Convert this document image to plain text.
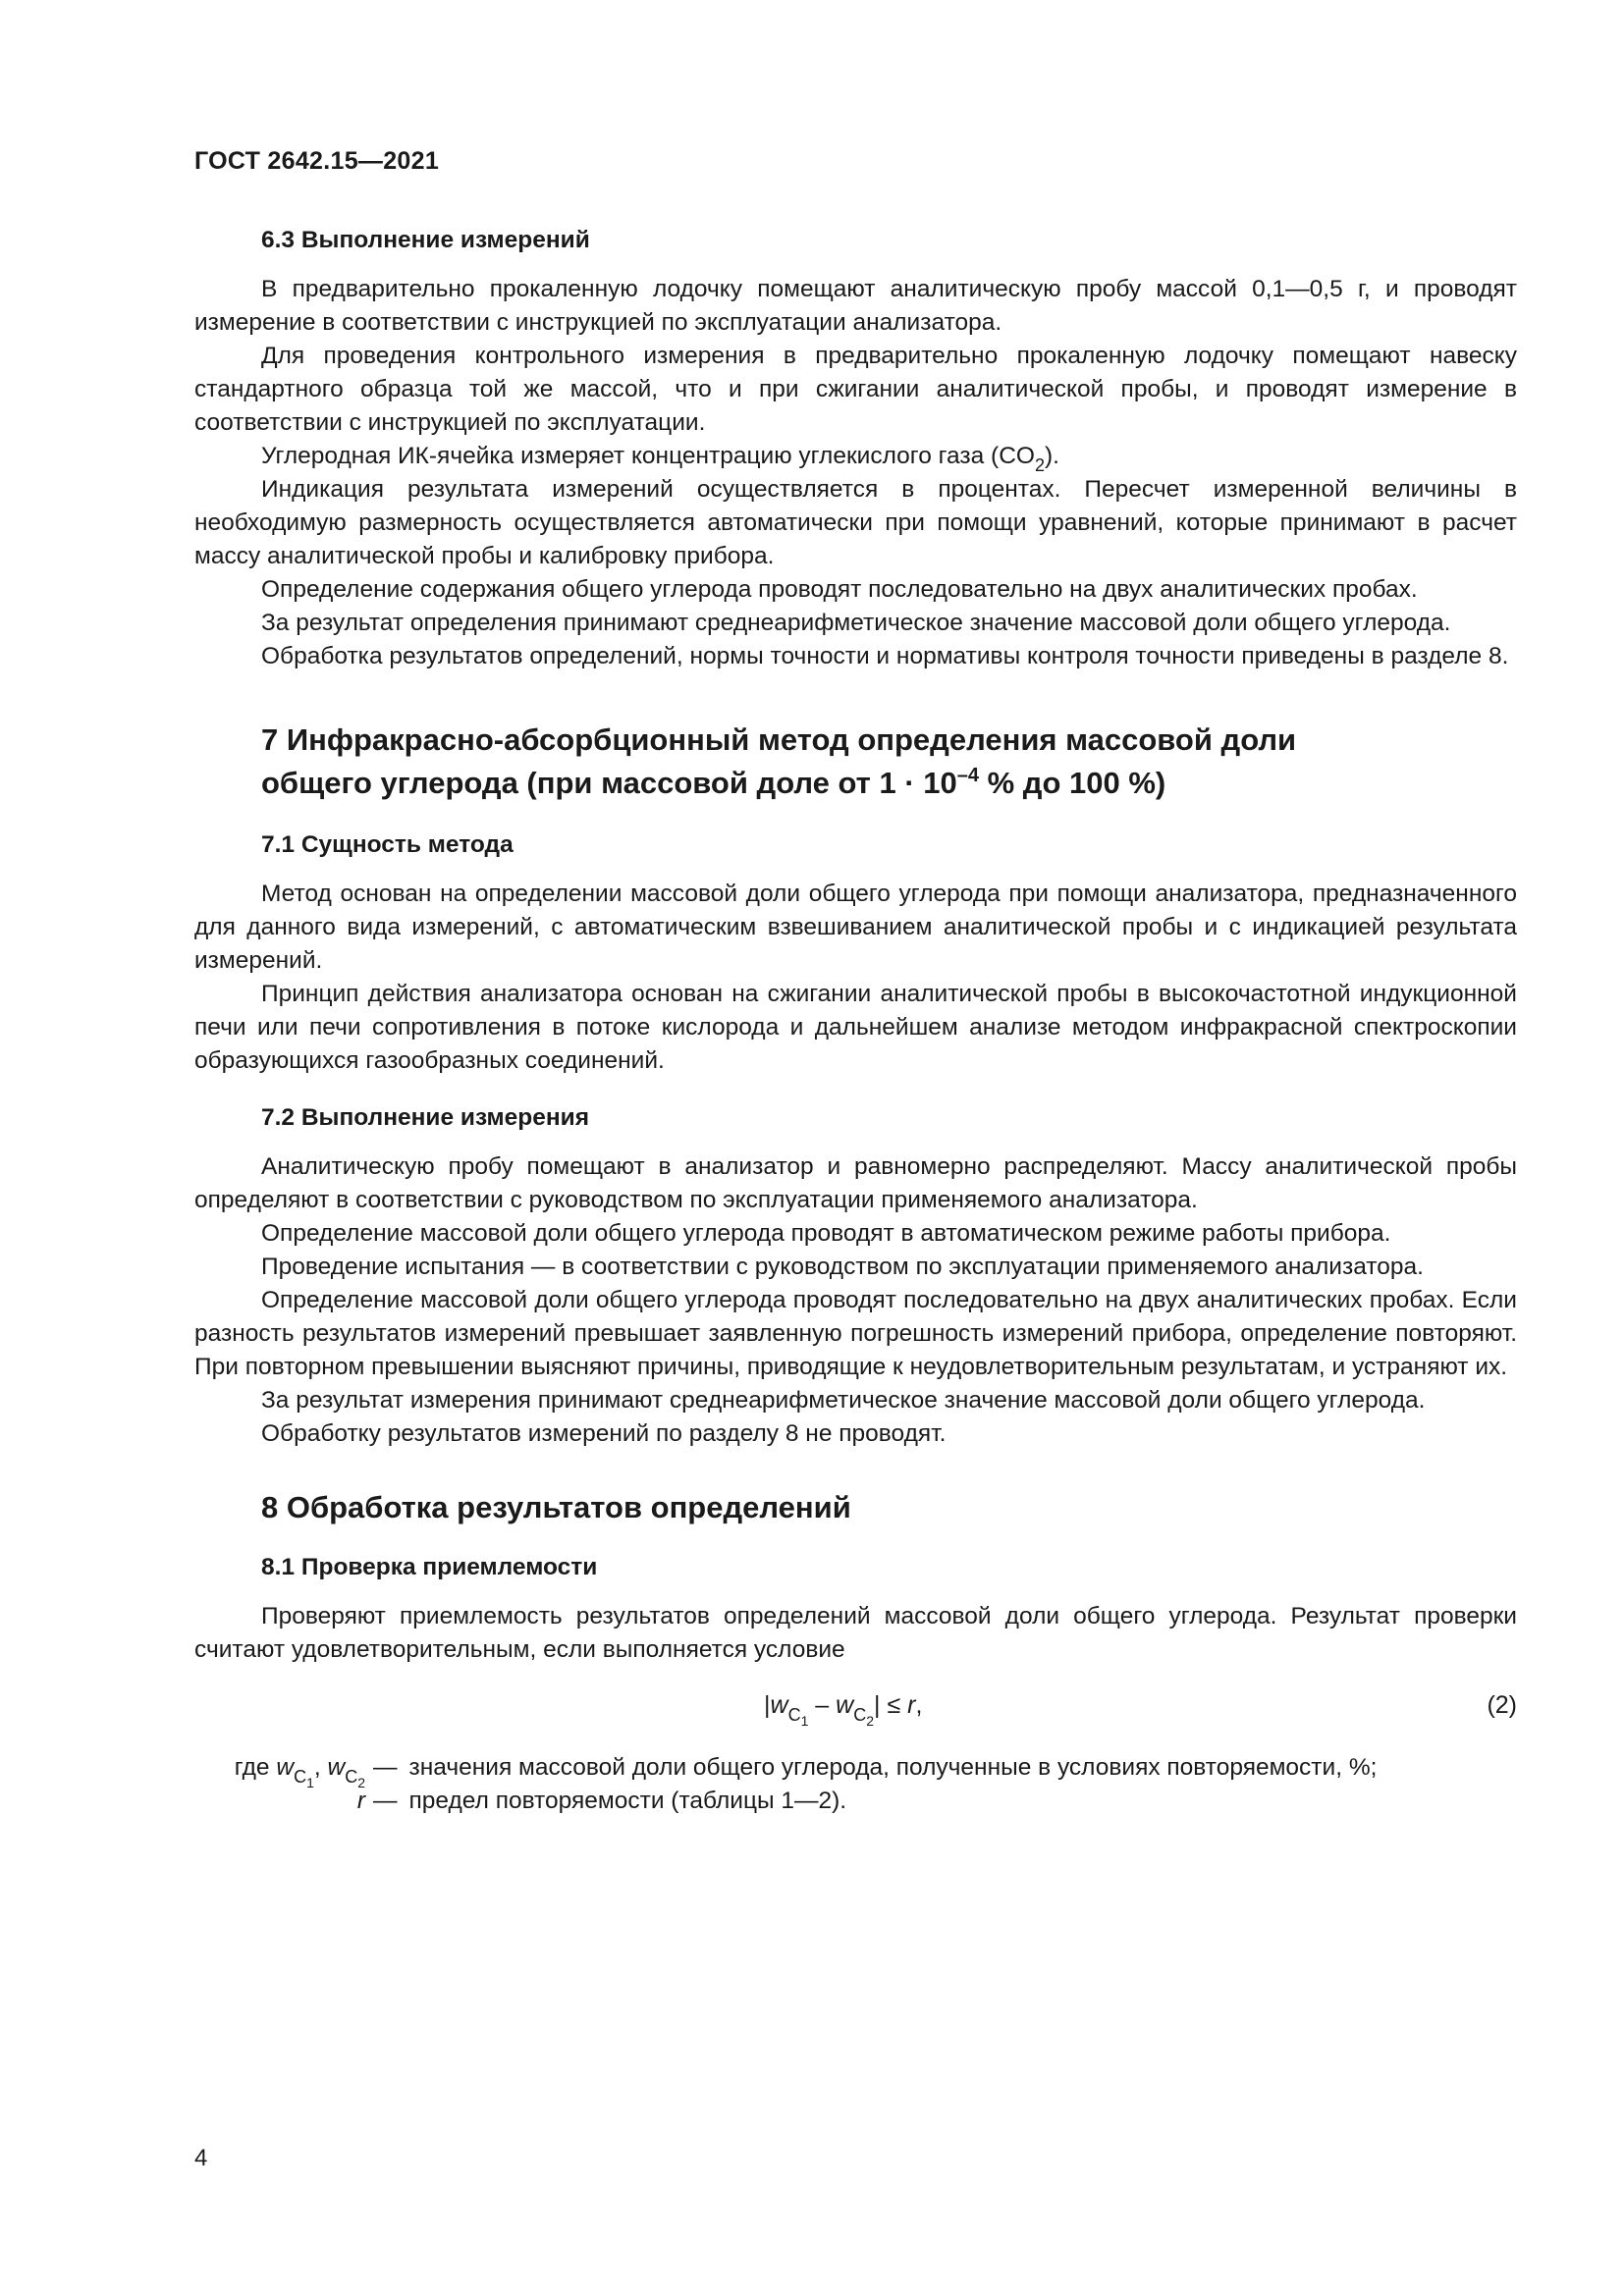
ГОСТ 2642.15—2021
6.3 Выполнение измерений

В предварительно прокаленную лодочку помещают аналитическую пробу массой 0,1—0,5 г, и проводят измерение в соответствии с инструкцией по эксплуатации анализатора.

Для проведения контрольного измерения в предварительно прокаленную лодочку помещают навеску стандартного образца той же массой, что и при сжигании аналитической пробы, и проводят измерение в соответствии с инструкцией по эксплуатации.

Углеродная ИК-ячейка измеряет концентрацию углекислого газа $(CO_2)$.

Индикация результата измерений осуществляется в процентах. Пересчет измеренной величины в необходимую размерность осуществляется автоматически при помощи уравнений, которые принимают в расчет массу аналитической пробы и калибровку прибора.

Определение содержания общего углерода проводят последовательно на двух аналитических пробах.

За результат определения принимают среднеарифметическое значение массовой доли общего углерода.

Обработка результатов определений, нормы точности и нормативы контроля точности приведены в разделе 8.

7 Инфракрасно-абсорбционный метод определения массовой доли
общего углерода (при массовой доле от $1 \cdot 10^{-4}$ % до 100 %)
7.1 Сущность метода

Метод основан на определении массовой доли общего углерода при помощи анализатора, предназначенного для данного вида измерений, с автоматическим взвешиванием аналитической пробы и с индикацией результата измерений.

Принцип действия анализатора основан на сжигании аналитической пробы в высокочастотной индукционной печи или печи сопротивления в потоке кислорода и дальнейшем анализе методом инфракрасной спектроскопии образующихся газообразных соединений.

7.2 Выполнение измерения

Аналитическую пробу помещают в анализатор и равномерно распределяют. Массу аналитической пробы определяют в соответствии с руководством по эксплуатации применяемого анализатора.

Определение массовой доли общего углерода проводят в автоматическом режиме работы прибора.

Проведение испытания — в соответствии с руководством по эксплуатации применяемого анализатора.

Определение массовой доли общего углерода проводят последовательно на двух аналитических пробах. Если разность результатов измерений превышает заявленную погрешность измерений прибора, определение повторяют. При повторном превышении выясняют причины, приводящие к неудовлетворительным результатам, и устраняют их.

За результат измерения принимают среднеарифметическое значение массовой доли общего углерода.

Обработку результатов измерений по разделу 8 не проводят.

8 Обработка результатов определений
8.1 Проверка приемлемости

Проверяют приемлемость результатов определений массовой доли общего углерода. Результат проверки считают удовлетворительным, если выполняется условие

$|w_{C_1} - w_{C_2}| \le r$,	(2)
где $w_{C_1}$, $w_{C_2}$
— значения массовой доли общего углерода, полученные в условиях повторяемости, %;
r — предел повторяемости (таблицы 1—2).
4
